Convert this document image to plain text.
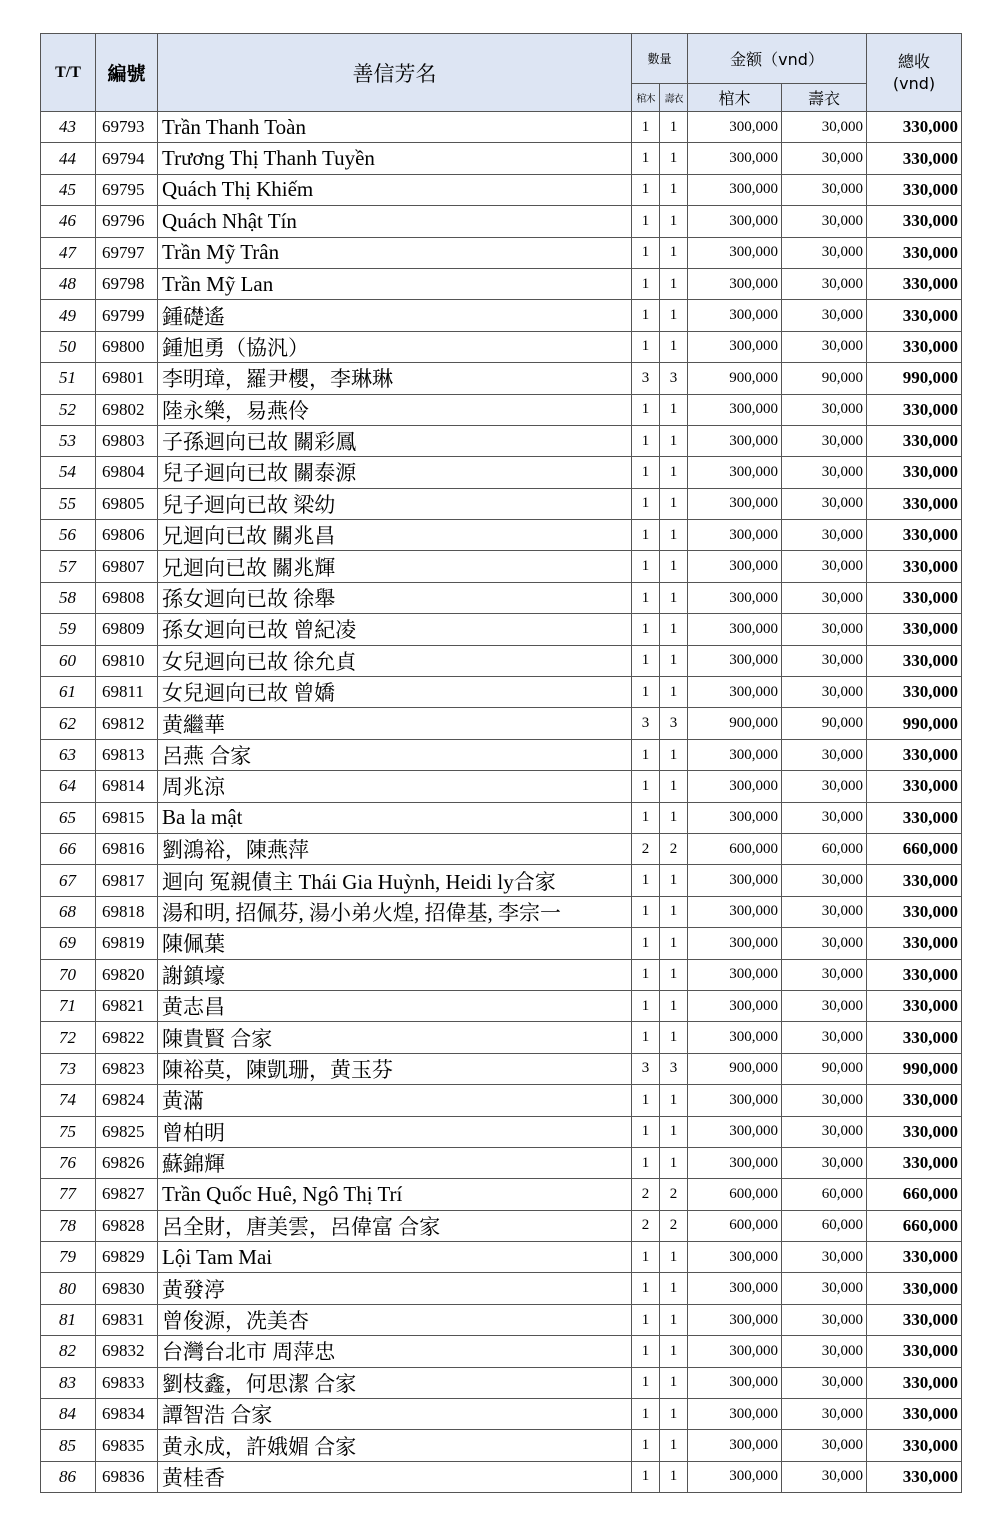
T/T	編號	善信芳名	數量		金额（vnd）		總收
(vnd)

			棺木	壽衣	棺木	壽衣	
43	69793	Trần Thanh Toàn	1	1	300,000	30,000	330,000
44	69794	Trương Thị Thanh Tuyền	1	1	300,000	30,000	330,000
45	69795	Quách Thị Khiếm	1	1	300,000	30,000	330,000
46	69796	Quách Nhật Tín	1	1	300,000	30,000	330,000
47	69797	Trần Mỹ Trân	1	1	300,000	30,000	330,000
48	69798	Trần Mỹ Lan	1	1	300,000	30,000	330,000
49	69799	鍾礎遙	1	1	300,000	30,000	330,000
50	69800	鍾旭勇（協汎）	1	1	300,000	30,000	330,000
51	69801	李明璋，羅尹櫻，李琳琳	3	3	900,000	90,000	990,000
52	69802	陸永樂，易燕伶	1	1	300,000	30,000	330,000
53	69803	子孫迴向已故 關彩鳳	1	1	300,000	30,000	330,000
54	69804	兒子迴向已故 關泰源	1	1	300,000	30,000	330,000
55	69805	兒子迴向已故 梁幼	1	1	300,000	30,000	330,000
56	69806	兄迴向已故 關兆昌	1	1	300,000	30,000	330,000
57	69807	兄迴向已故 關兆輝	1	1	300,000	30,000	330,000
58	69808	孫女迴向已故 徐舉	1	1	300,000	30,000	330,000
59	69809	孫女迴向已故 曾紀凌	1	1	300,000	30,000	330,000
60	69810	女兒迴向已故 徐允貞	1	1	300,000	30,000	330,000
61	69811	女兒迴向已故 曾嬌	1	1	300,000	30,000	330,000
62	69812	黄繼華	3	3	900,000	90,000	990,000
63	69813	呂燕 合家	1	1	300,000	30,000	330,000
64	69814	周兆涼	1	1	300,000	30,000	330,000
65	69815	Ba la mật	1	1	300,000	30,000	330,000
66	69816	劉鴻裕，陳燕萍	2	2	600,000	60,000	660,000
67	69817	迴向 冤親債主 Thái Gia Huỳnh, Heidi ly合家	1	1	300,000	30,000	330,000
68	69818	湯和明, 招佩芬, 湯小弟火煌, 招偉基, 李宗一	1	1	300,000	30,000	330,000
69	69819	陳佩葉	1	1	300,000	30,000	330,000
70	69820	謝鎮壕	1	1	300,000	30,000	330,000
71	69821	黄志昌	1	1	300,000	30,000	330,000
72	69822	陳貴賢 合家	1	1	300,000	30,000	330,000
73	69823	陳裕莫，陳凱珊，黄玉芬	3	3	900,000	90,000	990,000
74	69824	黄滿	1	1	300,000	30,000	330,000
75	69825	曾柏明	1	1	300,000	30,000	330,000
76	69826	蘇錦輝	1	1	300,000	30,000	330,000
77	69827	Trần Quốc Huê, Ngô Thị Trí	2	2	600,000	60,000	660,000
78	69828	呂全財，唐美雲，呂偉富 合家	2	2	600,000	60,000	660,000
79	69829	Lội Tam Mai	1	1	300,000	30,000	330,000
80	69830	黄發渟	1	1	300,000	30,000	330,000
81	69831	曾俊源，冼美杏	1	1	300,000	30,000	330,000
82	69832	台灣台北市 周萍忠	1	1	300,000	30,000	330,000
83	69833	劉枝鑫，何思潔 合家	1	1	300,000	30,000	330,000
84	69834	譚智浩 合家	1	1	300,000	30,000	330,000
85	69835	黄永成，許娥媚 合家	1	1	300,000	30,000	330,000
86	69836	黄桂香	1	1	300,000	30,000	330,000
